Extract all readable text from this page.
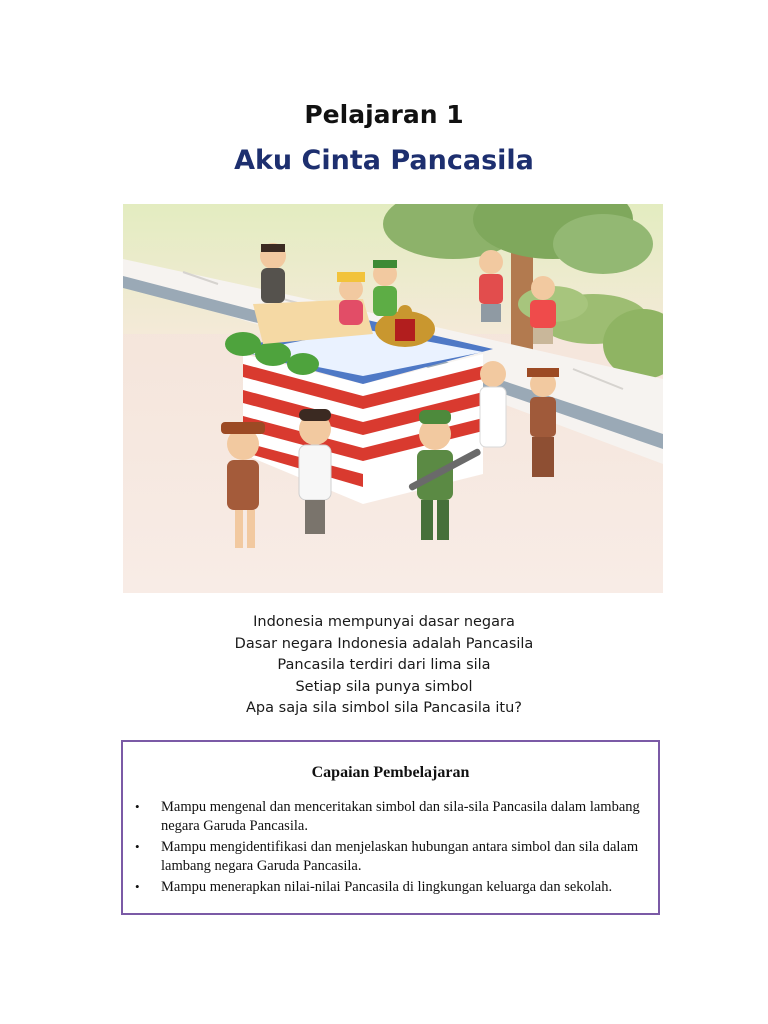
Pelajaran 1
Aku Cinta Pancasila
Indonesia mempunyai dasar negara
Dasar negara Indonesia adalah Pancasila
Pancasila terdiri dari lima sila
Setiap sila punya simbol
Apa saja sila simbol sila Pancasila itu?
Capaian Pembelajaran
• Mampu mengenal dan menceritakan simbol dan sila-sila Pancasila dalam lambang negara Garuda Pancasila.
• Mampu mengidentifikasi dan menjelaskan hubungan antara simbol dan sila dalam lambang negara Garuda Pancasila.
• Mampu menerapkan nilai-nilai Pancasila di lingkungan keluarga dan sekolah.
